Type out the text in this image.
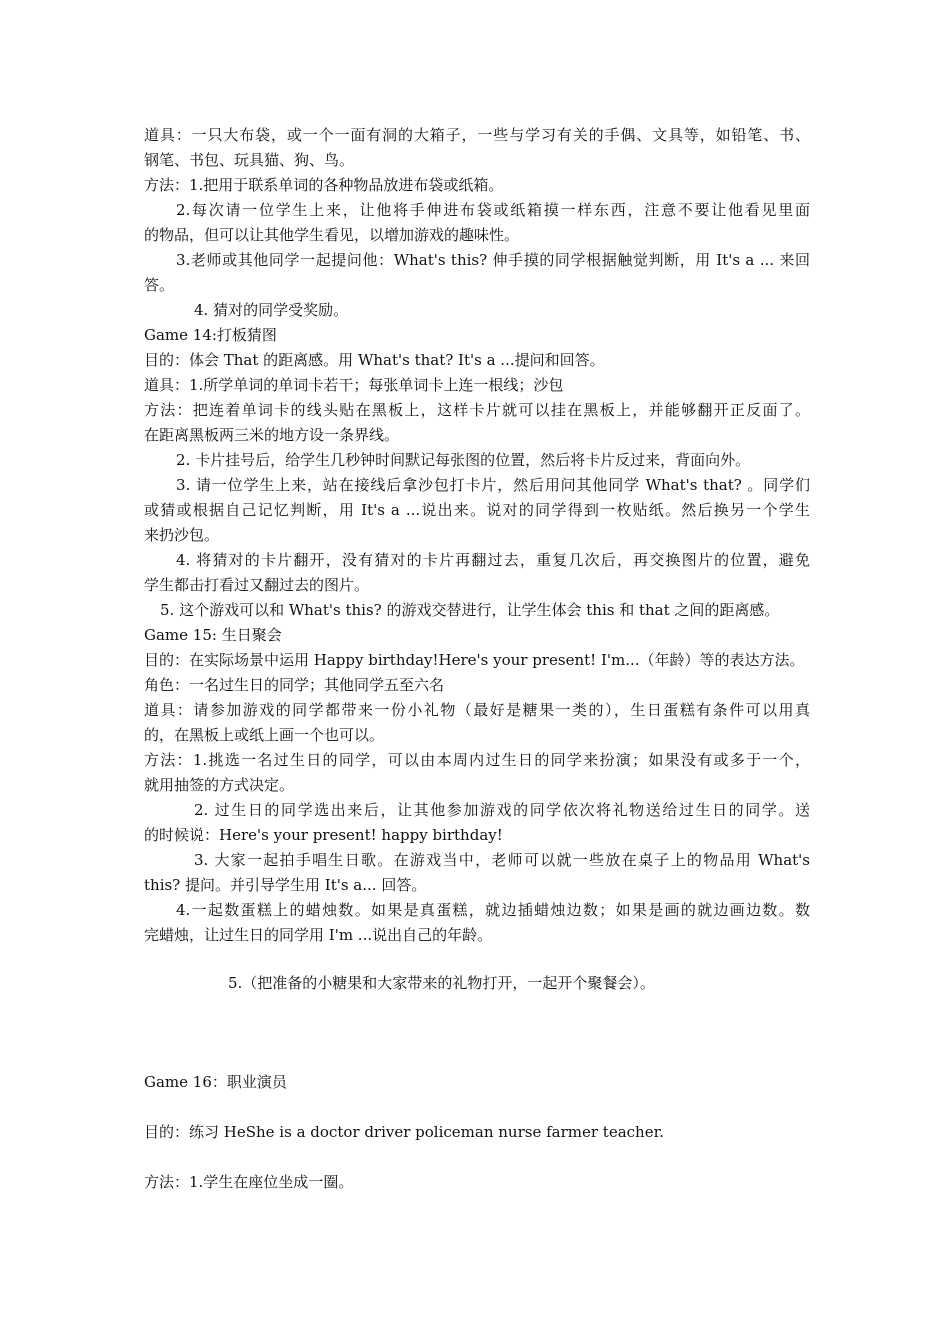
道具：一只大布袋，或一个一面有洞的大箱子，一些与学习有关的手偶、文具等，如铅笔、书、
钢笔、书包、玩具猫、狗、鸟。
方法：1.把用于联系单词的各种物品放进布袋或纸箱。
2.每次请一位学生上来，让他将手伸进布袋或纸箱摸一样东西，注意不要让他看见里面
的物品，但可以让其他学生看见，以增加游戏的趣味性。
3.老师或其他同学一起提问他：What's this? 伸手摸的同学根据触觉判断，用 It's a ... 来回
答。
4. 猜对的同学受奖励。
Game 14:打板猜图
目的：体会 That 的距离感。用 What's that? It's a ...提问和回答。
道具：1.所学单词的单词卡若干；每张单词卡上连一根线；沙包
方法：把连着单词卡的线头贴在黑板上，这样卡片就可以挂在黑板上，并能够翻开正反面了。
在距离黑板两三米的地方设一条界线。
2. 卡片挂号后，给学生几秒钟时间默记每张图的位置，然后将卡片反过来，背面向外。
3. 请一位学生上来，站在接线后拿沙包打卡片，然后用问其他同学 What's that? 。同学们
或猜或根据自己记忆判断，用 It's a ...说出来。说对的同学得到一枚贴纸。然后换另一个学生
来扔沙包。
4. 将猜对的卡片翻开，没有猜对的卡片再翻过去，重复几次后，再交换图片的位置，避免
学生都击打看过又翻过去的图片。
5. 这个游戏可以和 What's this? 的游戏交替进行，让学生体会 this 和 that 之间的距离感。
Game 15: 生日聚会
目的：在实际场景中运用 Happy birthday!Here's your present! I'm...（年龄）等的表达方法。
角色：一名过生日的同学；其他同学五至六名
道具：请参加游戏的同学都带来一份小礼物（最好是糖果一类的），生日蛋糕有条件可以用真
的，在黑板上或纸上画一个也可以。
方法：1.挑选一名过生日的同学，可以由本周内过生日的同学来扮演；如果没有或多于一个，
就用抽签的方式决定。
2. 过生日的同学选出来后，让其他参加游戏的同学依次将礼物送给过生日的同学。送
的时候说：Here's your present! happy birthday!
3. 大家一起拍手唱生日歌。在游戏当中，老师可以就一些放在桌子上的物品用 What's
this? 提问。并引导学生用 It's a... 回答。
4.一起数蛋糕上的蜡烛数。如果是真蛋糕，就边插蜡烛边数；如果是画的就边画边数。数
完蜡烛，让过生日的同学用 I'm ...说出自己的年龄。
5.（把准备的小糖果和大家带来的礼物打开，一起开个聚餐会）。
Game 16：职业演员
目的：练习 HeShe is a doctor driver policeman nurse farmer teacher.
方法：1.学生在座位坐成一圈。
